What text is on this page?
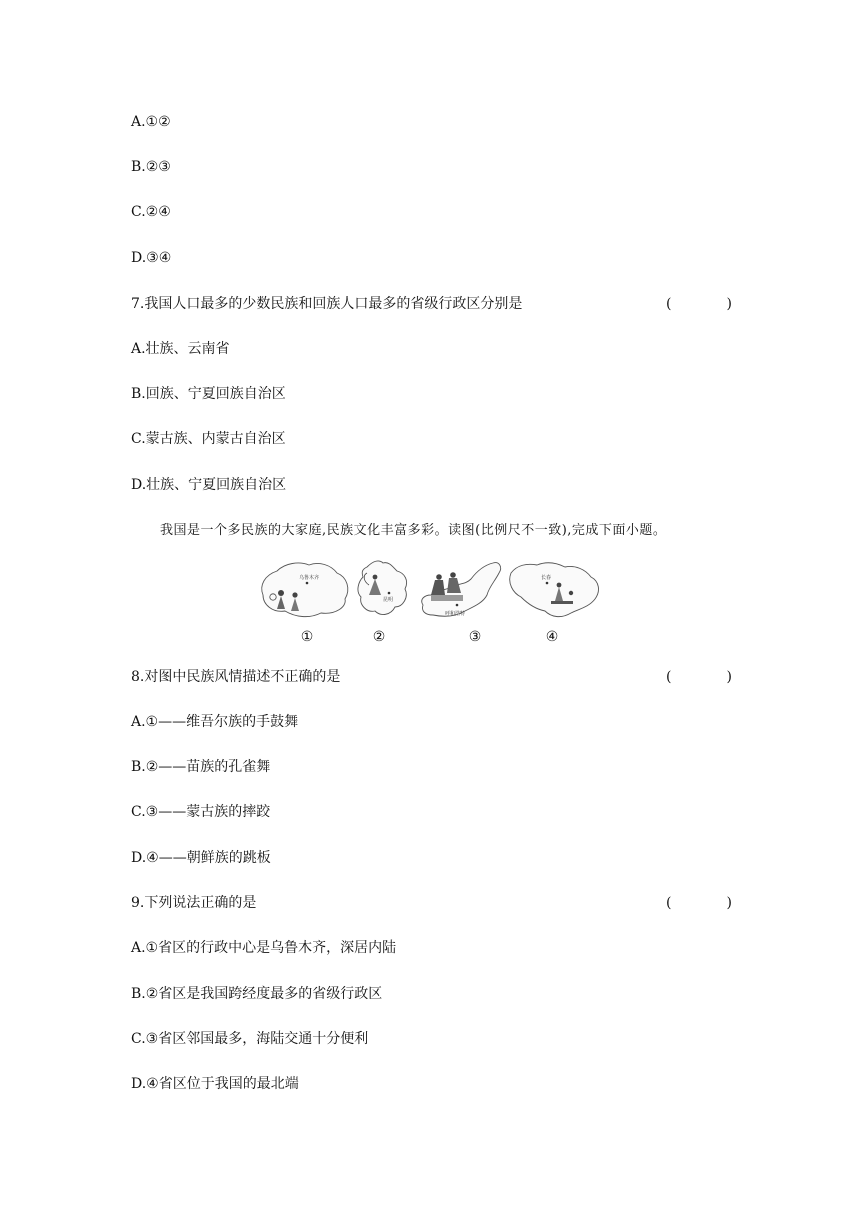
A.①②
B.②③
C.②④
D.③④
7.我国人口最多的少数民族和回族人口最多的省级行政区分别是	(	)
A.壮族、云南省
B.回族、宁夏回族自治区
C.蒙古族、内蒙古自治区
D.壮族、宁夏回族自治区
我国是一个多民族的大家庭,民族文化丰富多彩。读图(比例尺不一致),完成下面小题。
乌鲁木齐
昆明
呼和浩特
长春
①	②	③	④
8.对图中民族风情描述不正确的是	(	)
A.①——维吾尔族的手鼓舞
B.②——苗族的孔雀舞
C.③——蒙古族的摔跤
D.④——朝鲜族的跳板
9.下列说法正确的是	(	)
A.①省区的行政中心是乌鲁木齐，深居内陆
B.②省区是我国跨经度最多的省级行政区
C.③省区邻国最多，海陆交通十分便利
D.④省区位于我国的最北端
